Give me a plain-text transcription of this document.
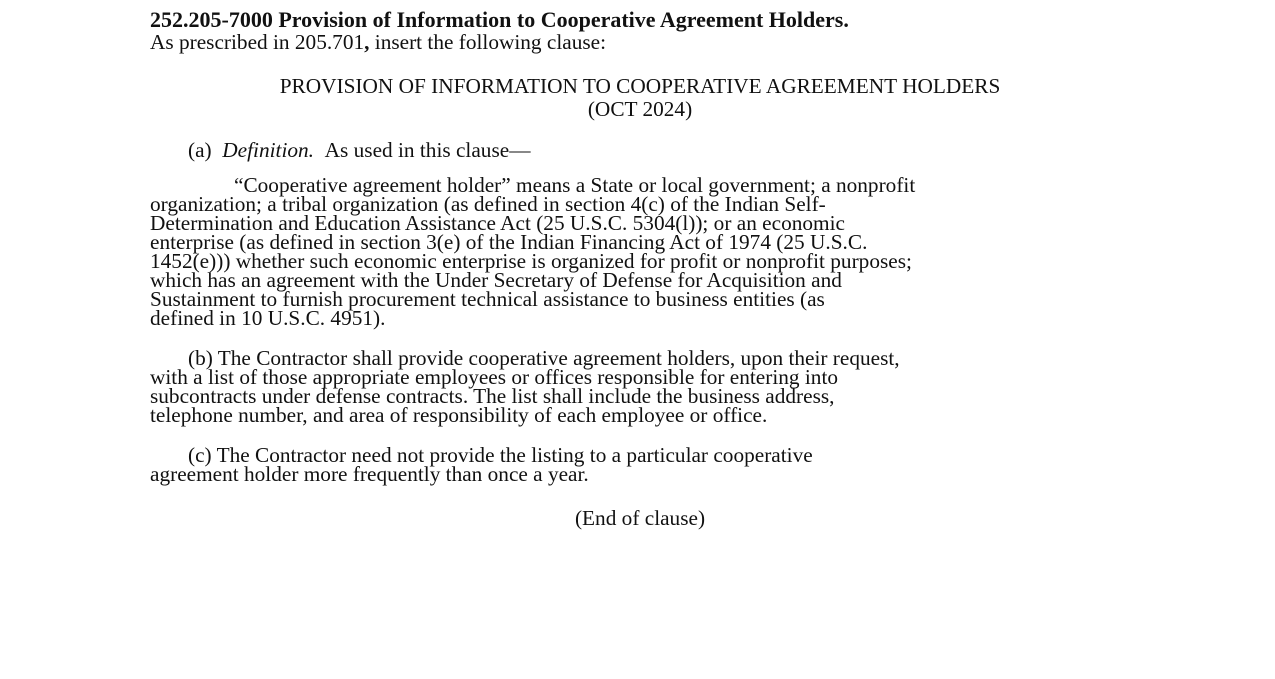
252.205-7000 Provision of Information to Cooperative Agreement Holders.
As prescribed in 205.701, insert the following clause:
PROVISION OF INFORMATION TO COOPERATIVE AGREEMENT HOLDERS
(OCT 2024)
(a) Definition. As used in this clause—
“Cooperative agreement holder” means a State or local government; a nonprofit
organization; a tribal organization (as defined in section 4(c) of the Indian Self-
Determination and Education Assistance Act (25 U.S.C. 5304(l)); or an economic
enterprise (as defined in section 3(e) of the Indian Financing Act of 1974 (25 U.S.C.
1452(e))) whether such economic enterprise is organized for profit or nonprofit purposes;
which has an agreement with the Under Secretary of Defense for Acquisition and
Sustainment to furnish procurement technical assistance to business entities (as
defined in 10 U.S.C. 4951).
(b) The Contractor shall provide cooperative agreement holders, upon their request,
with a list of those appropriate employees or offices responsible for entering into
subcontracts under defense contracts. The list shall include the business address,
telephone number, and area of responsibility of each employee or office.
(c) The Contractor need not provide the listing to a particular cooperative
agreement holder more frequently than once a year.
(End of clause)
